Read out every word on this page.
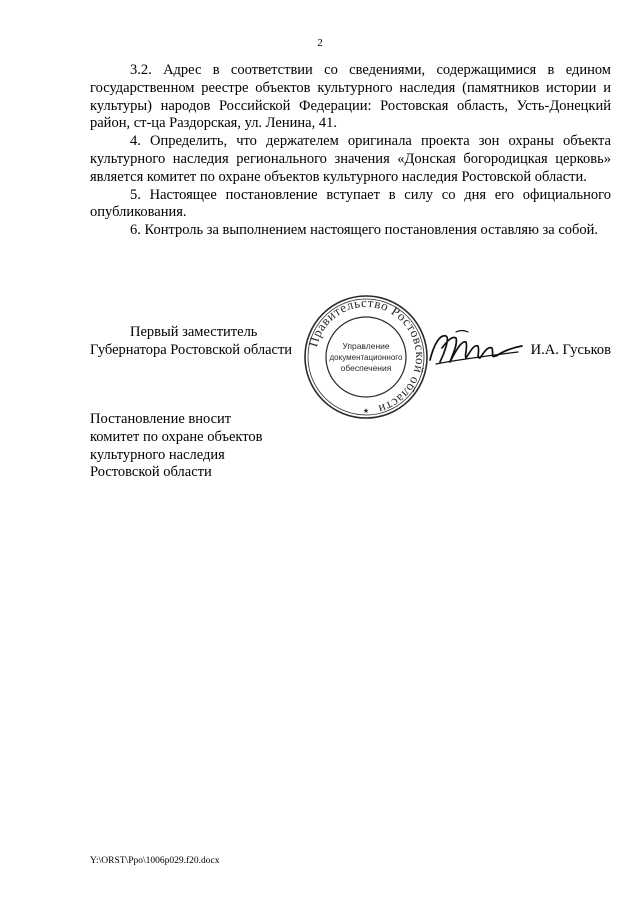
2

3.2. Адрес в соответствии со сведениями, содержащимися в едином государственном реестре объектов культурного наследия (памятников истории и культуры) народов Российской Федерации: Ростовская область, Усть-Донецкий район, ст-ца Раздорская, ул. Ленина, 41.

4. Определить, что держателем оригинала проекта зон охраны объекта культурного наследия регионального значения «Донская богородицкая церковь» является комитет по охране объектов культурного наследия Ростовской области.

5. Настоящее постановление вступает в силу со дня его официального опубликования.

6. Контроль за выполнением настоящего постановления оставляю за собой.

Первый заместитель
Губернатора Ростовской области
Правительство Ростовской области
Управление
документационного
обеспечения
★
И.А. Гуськов
Постановление вносит
комитет по охране объектов
культурного наследия
Ростовской области
Y:\ORST\Ppo\1006p029.f20.docx
